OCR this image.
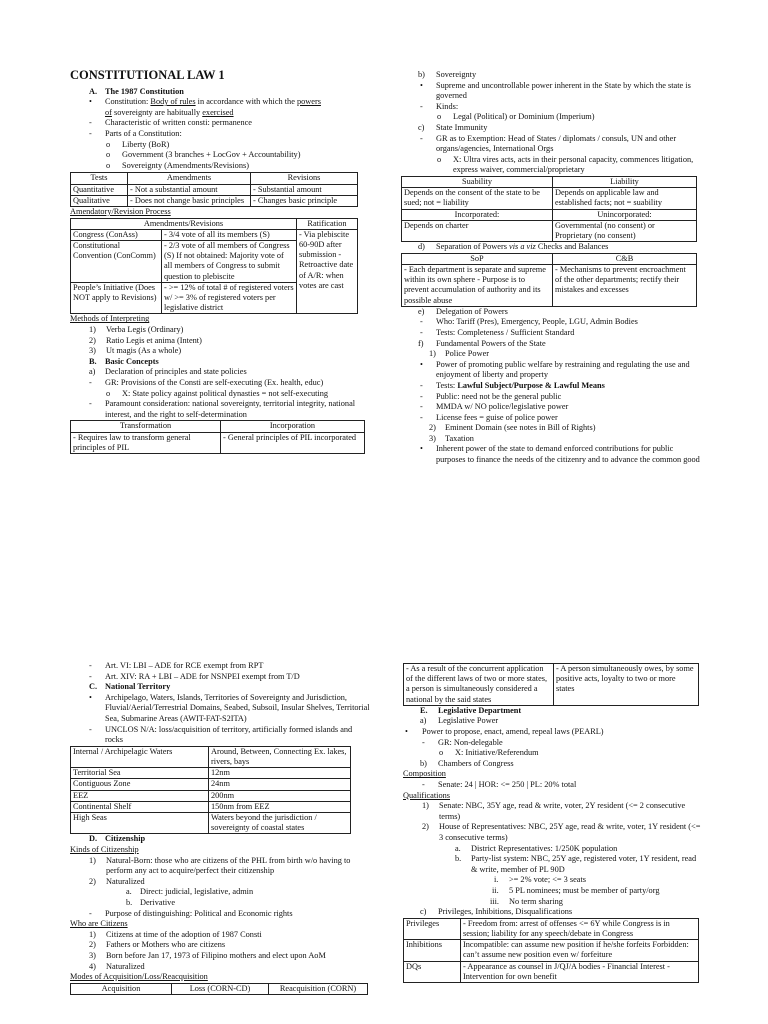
CONSTITUTIONAL LAW 1
A. The 1987 Constitution
• Constitution: Body of rules in accordance with which the powers
of sovereignty are habitually exercised
- Characteristic of written consti: permanence
- Parts of a Constitution:
o Liberty (BoR)
o Government (3 branches + LocGov + Accountability)
o Sovereignty (Amendments/Revisions)
Tests	Amendments	Revisions
Quantitative	- Not a substantial amount	- Substantial amount
Qualitative	- Does not change basic principles	- Changes basic principle
Amendatory/Revision Process
Amendments/Revisions		Ratification
Congress (ConAss)	- 3/4 vote of all its members (S)	- Via plebiscite 60-90D after submission - Retroactive date of A/R: when votes are cast
Constitutional Convention (ConComm)	- 2/3 vote of all members of Congress (S) If not obtained: Majority vote of all members of Congress to submit question to plebiscite	
People’s Initiative (Does NOT apply to Revisions)	- >= 12% of total # of registered voters w/ >= 3% of registered voters per legislative district	
Methods of Interpreting
1) Verba Legis (Ordinary)
2) Ratio Legis et anima (Intent)
3) Ut magis (As a whole)
B. Basic Concepts
a) Declaration of principles and state policies
- GR: Provisions of the Consti are self-executing (Ex. health, educ)
o X: State policy against political dynasties = not self-executing
- Paramount consideration: national sovereignty, territorial integrity, national interest, and the right to self-determination
Transformation	Incorporation
- Requires law to transform general principles of PIL	- General principles of PIL incorporated
b) Sovereignty
• Supreme and uncontrollable power inherent in the State by which the state is governed
- Kinds:
o Legal (Political) or Dominium (Imperium)
c) State Immunity
- GR as to Exemption: Head of States / diplomats / consuls, UN and other organs/agencies, International Orgs
o X: Ultra vires acts, acts in their personal capacity, commences litigation, express waiver, commercial/proprietary
Suability	Liability
Depends on the consent of the state to be sued; not = liability	Depends on applicable law and established facts; not = suability
Incorporated:	Unincorporated:
Depends on charter	Governmental (no consent) or Proprietary (no consent)
d) Separation of Powers vis a viz Checks and Balances
SoP	C&B
- Each department is separate and supreme within its own sphere - Purpose is to prevent accumulation of authority and its possible abuse	- Mechanisms to prevent encroachment of the other departments; rectify their mistakes and excesses
e) Delegation of Powers
- Who: Tariff (Pres), Emergency, People, LGU, Admin Bodies
- Tests: Completeness / Sufficient Standard
f) Fundamental Powers of the State
1) Police Power
• Power of promoting public welfare by restraining and regulating the use and enjoyment of liberty and property
- Tests: Lawful Subject/Purpose & Lawful Means
- Public: need not be the general public
- MMDA w/ NO police/legislative power
- License fees = guise of police power
2) Eminent Domain (see notes in Bill of Rights)
3) Taxation
• Inherent power of the state to demand enforced contributions for public purposes to finance the needs of the citizenry and to advance the common good
- Art. VI: LBI – ADE for RCE exempt from RPT
- Art. XIV: RA + LBI – ADE for NSNPEI exempt from T/D
C. National Territory
• Archipelago, Waters, Islands, Territories of Sovereignty and Jurisdiction, Fluvial/Aerial/Terrestrial Domains, Seabed, Subsoil, Insular Shelves, Territorial Sea, Submarine Areas (AWIT-FAT-S2ITA)
- UNCLOS N/A: loss/acquisition of territory, artificially formed islands and rocks
Internal / Archipelagic Waters	Around, Between, Connecting Ex. lakes, rivers, bays
Territorial Sea	12nm
Contiguous Zone	24nm
EEZ	200nm
Continental Shelf	150nm from EEZ
High Seas	Waters beyond the jurisdiction / sovereignty of coastal states
D. Citizenship
Kinds of Citizenship
1) Natural-Born: those who are citizens of the PHL from birth w/o having to perform any act to acquire/perfect their citizenship
2) Naturalized
a. Direct: judicial, legislative, admin
b. Derivative
- Purpose of distinguishing: Political and Economic rights
Who are Citizens
1) Citizens at time of the adoption of 1987 Consti
2) Fathers or Mothers who are citizens
3) Born before Jan 17, 1973 of Filipino mothers and elect upon AoM
4) Naturalized
Modes of Acquisition/Loss/Reacquisition
Acquisition	Loss (CORN-CD)	Reacquisition (CORN)
- As a result of the concurrent application of the different laws of two or more states, a person is simultaneously considered a national by the said states	- A person simultaneously owes, by some positive acts, loyalty to two or more states
E. Legislative Department
a) Legislative Power
• Power to propose, enact, amend, repeal laws (PEARL)
- GR: Non-delegable
o X: Initiative/Referendum
b) Chambers of Congress
Composition
- Senate: 24 | HOR: <= 250 | PL: 20% total
Qualifications
1) Senate: NBC, 35Y age, read & write, voter, 2Y resident (<= 2 consecutive terms)
2) House of Representatives: NBC, 25Y age, read & write, voter, 1Y resident (<= 3 consecutive terms)
a. District Representatives: 1/250K population
b. Party-list system: NBC, 25Y age, registered voter, 1Y resident, read & write, member of PL 90D
i. >= 2% vote; <= 3 seats
ii. 5 PL nominees; must be member of party/org
iii. No term sharing
c) Privileges, Inhibitions, Disqualifications
Privileges	- Freedom from: arrest of offenses <= 6Y while Congress is in session; liability for any speech/debate in Congress
Inhibitions	Incompatible: can assume new position if he/she forfeits Forbidden: can’t assume new position even w/ forfeiture
DQs	- Appearance as counsel in J/QJ/A bodies - Financial Interest - Intervention for own benefit
